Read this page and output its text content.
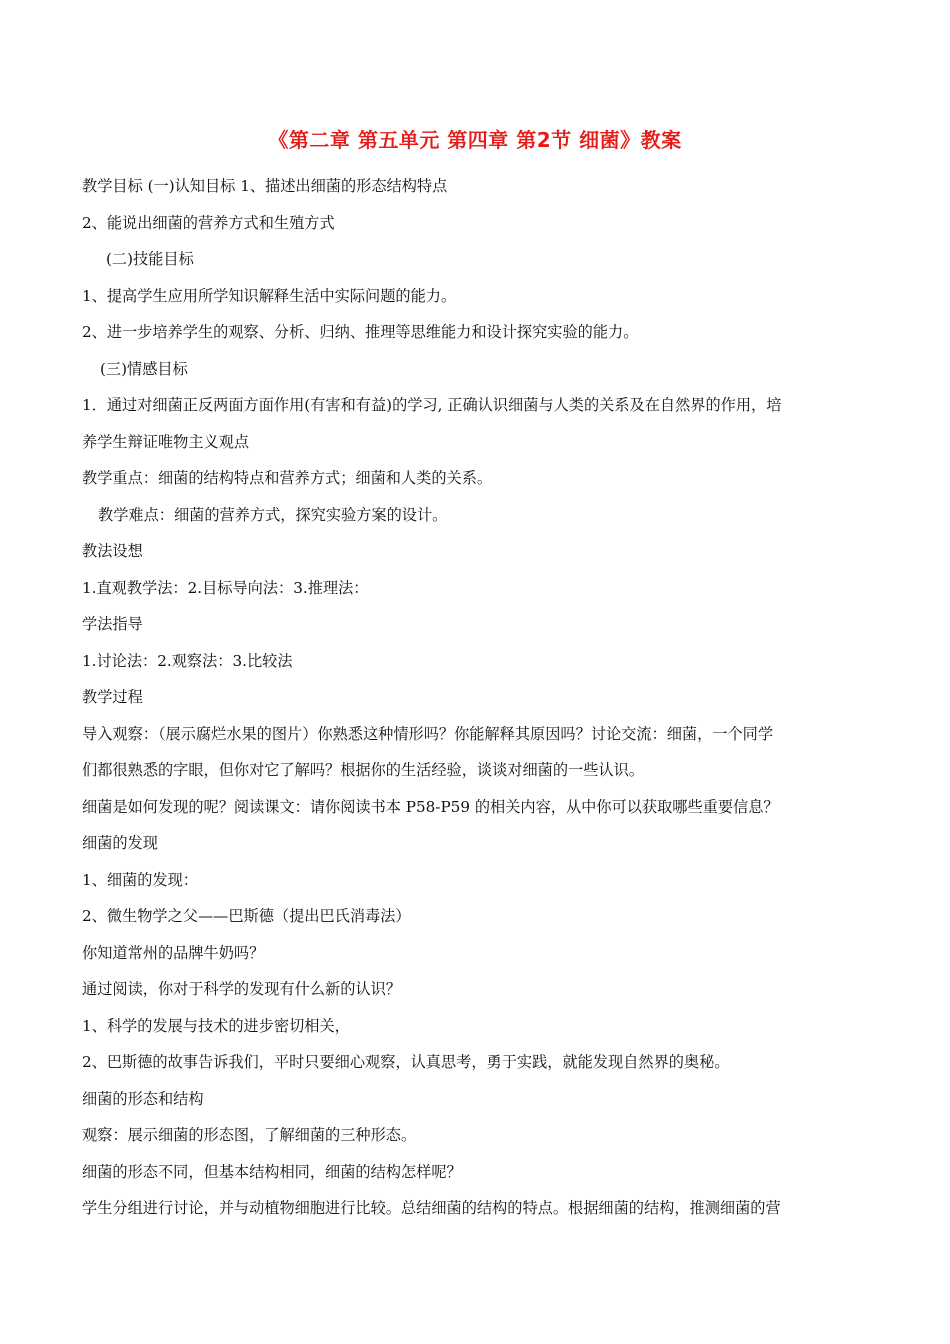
《第二章 第五单元 第四章 第2节 细菌》教案
教学目标 (一)认知目标 1、描述出细菌的形态结构特点
2、能说出细菌的营养方式和生殖方式
(二)技能目标
1、提高学生应用所学知识解释生活中实际问题的能力。
2、进一步培养学生的观察、分析、归纳、推理等思维能力和设计探究实验的能力。
(三)情感目标
1．通过对细菌正反两面方面作用(有害和有益)的学习, 正确认识细菌与人类的关系及在自然界的作用，培
养学生辩证唯物主义观点
教学重点：细菌的结构特点和营养方式；细菌和人类的关系。
教学难点：细菌的营养方式，探究实验方案的设计。
教法设想
1.直观教学法：2.目标导向法：3.推理法：
学法指导
1.讨论法：2.观察法：3.比较法
教学过程
导入观察：（展示腐烂水果的图片）你熟悉这种情形吗？你能解释其原因吗？讨论交流：细菌，一个同学
们都很熟悉的字眼，但你对它了解吗？根据你的生活经验，谈谈对细菌的一些认识。
细菌是如何发现的呢？阅读课文：请你阅读书本 P58-P59 的相关内容，从中你可以获取哪些重要信息？
细菌的发现
1、细菌的发现：
2、微生物学之父——巴斯德（提出巴氏消毒法）
你知道常州的品牌牛奶吗？
通过阅读，你对于科学的发现有什么新的认识？
1、科学的发展与技术的进步密切相关，
2、巴斯德的故事告诉我们，平时只要细心观察，认真思考，勇于实践，就能发现自然界的奥秘。
细菌的形态和结构
观察：展示细菌的形态图，了解细菌的三种形态。
细菌的形态不同，但基本结构相同，细菌的结构怎样呢？
学生分组进行讨论，并与动植物细胞进行比较。总结细菌的结构的特点。根据细菌的结构，推测细菌的营
